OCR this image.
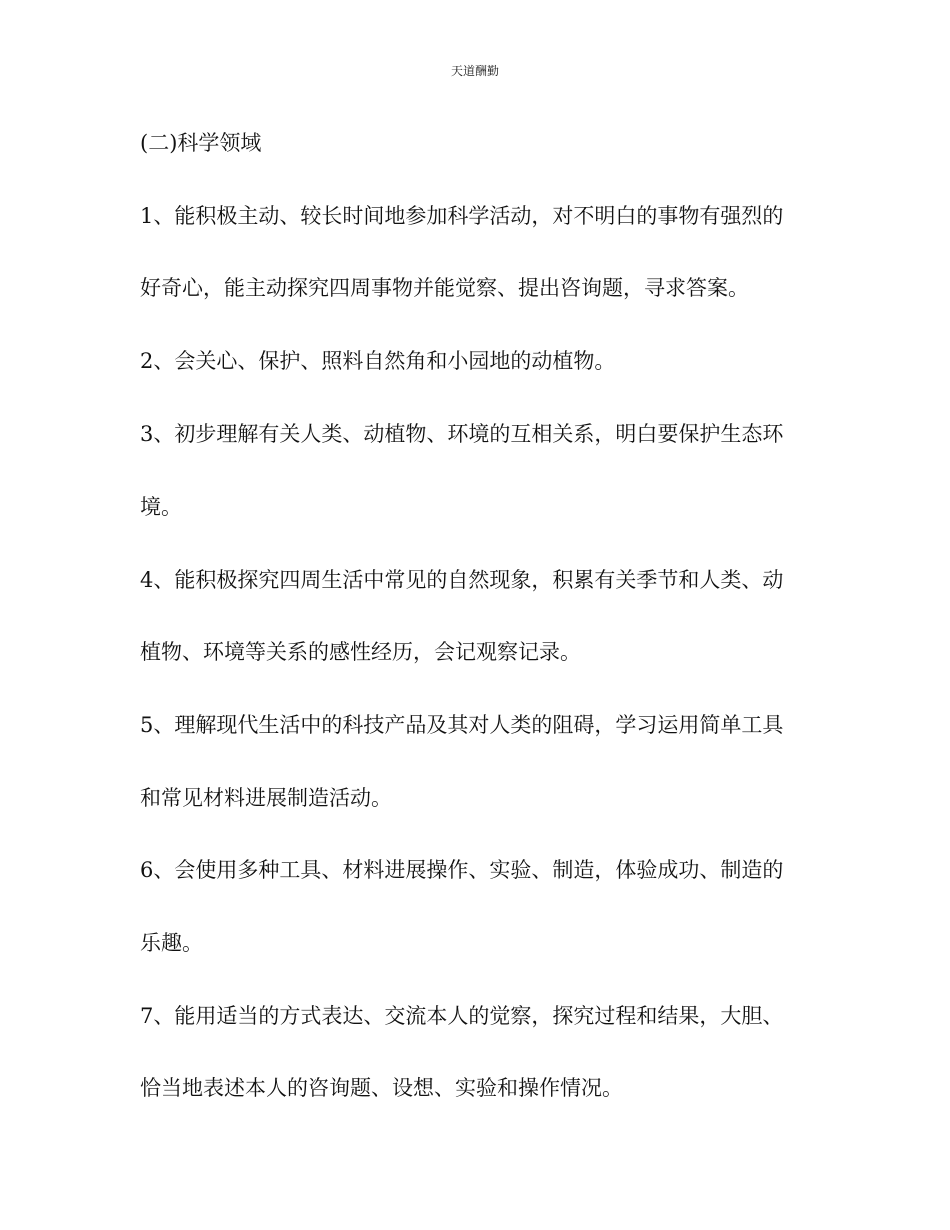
天道酬勤
(二)科学领域
1、能积极主动、较长时间地参加科学活动，对不明白的事物有强烈的
好奇心，能主动探究四周事物并能觉察、提出咨询题，寻求答案。
2、会关心、保护、照料自然角和小园地的动植物。
3、初步理解有关人类、动植物、环境的互相关系，明白要保护生态环
境。
4、能积极探究四周生活中常见的自然现象，积累有关季节和人类、动
植物、环境等关系的感性经历，会记观察记录。
5、理解现代生活中的科技产品及其对人类的阻碍，学习运用简单工具
和常见材料进展制造活动。
6、会使用多种工具、材料进展操作、实验、制造，体验成功、制造的
乐趣。
7、能用适当的方式表达、交流本人的觉察，探究过程和结果，大胆、
恰当地表述本人的咨询题、设想、实验和操作情况。
